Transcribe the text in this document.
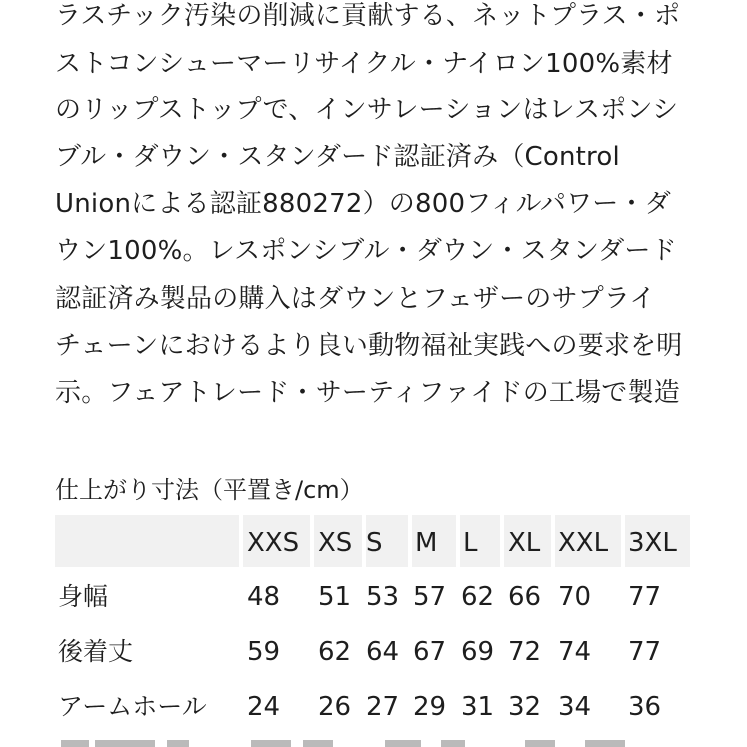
ラスチック汚染の削減に貢献する、ネットプラス・ポ
ストコンシューマーリサイクル・ナイロン100%素材
のリップストップで、インサレーションはレスポンシ
ブル・ダウン・スタンダード認証済み（Control
Unionによる認証880272）の800フィルパワー・ダ
ウン100%。レスポンシブル・ダウン・スタンダード
認証済み製品の購入はダウンとフェザーのサプライ
チェーンにおけるより良い動物福祉実践への要求を明
示。フェアトレード・サーティファイドの工場で製造
仕上がり寸法（平置き/cm）
XXS XS S M L XL XXL 3XL
身幅	48 51 53 57 62 66 70 77
後着丈	59 62 64 67 69 72 74 77
アームホール 24 26 27 29 31 32 34 36
